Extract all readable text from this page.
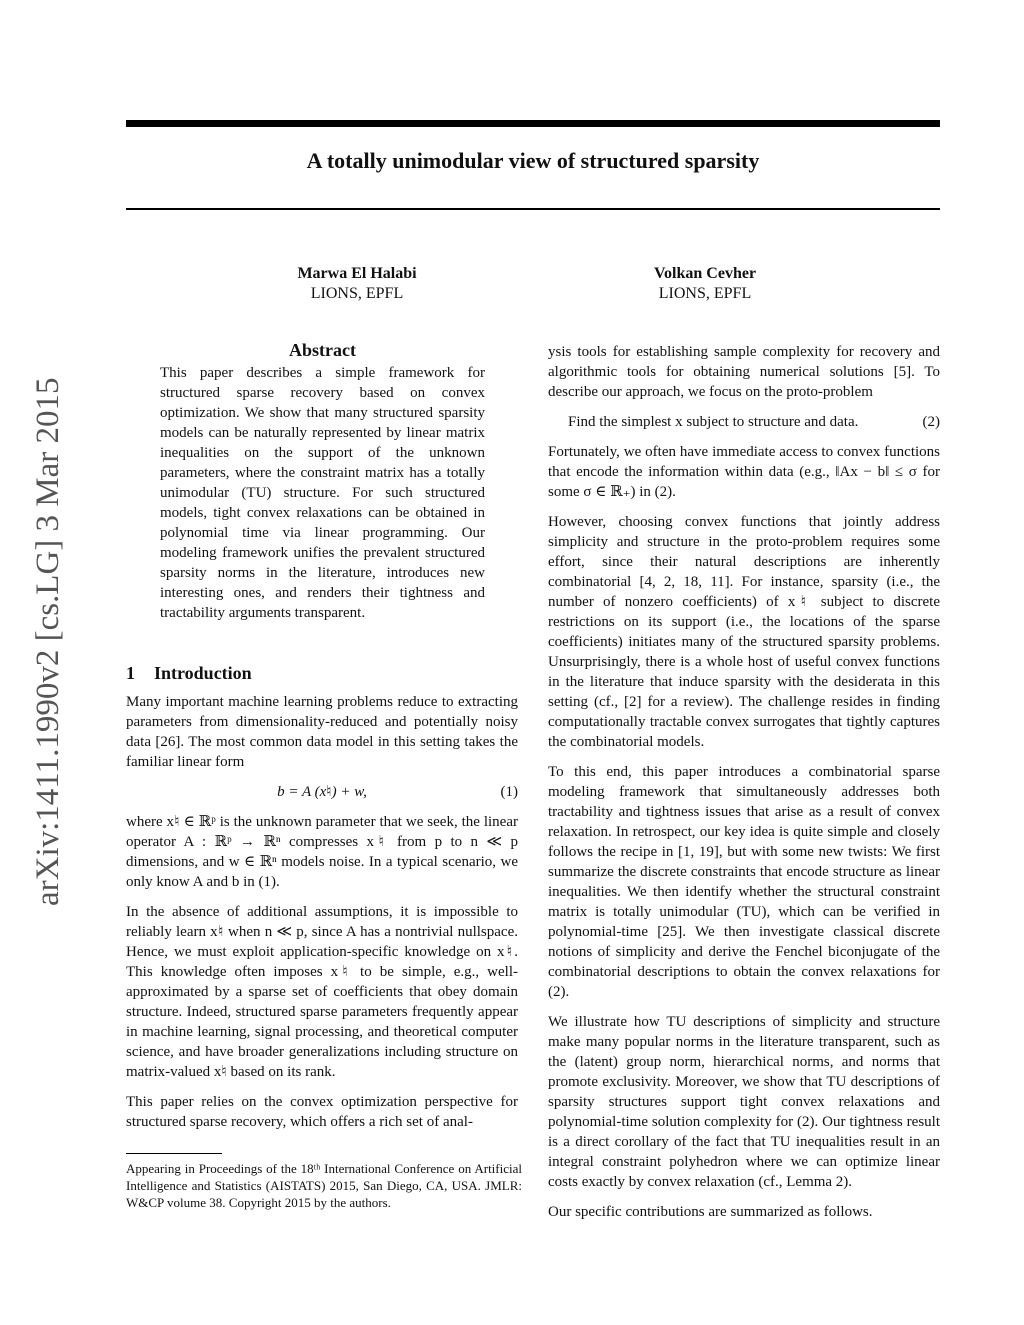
arXiv:1411.1990v2 [cs.LG] 3 Mar 2015
A totally unimodular view of structured sparsity
Marwa El Halabi
LIONS, EPFL
Volkan Cevher
LIONS, EPFL
Abstract
This paper describes a simple framework for structured sparse recovery based on convex optimization. We show that many structured sparsity models can be naturally represented by linear matrix inequalities on the support of the unknown parameters, where the constraint matrix has a totally unimodular (TU) structure. For such structured models, tight convex relaxations can be obtained in polynomial time via linear programming. Our modeling framework unifies the prevalent structured sparsity norms in the literature, introduces new interesting ones, and renders their tightness and tractability arguments transparent.
1 Introduction

Many important machine learning problems reduce to extracting parameters from dimensionality-reduced and potentially noisy data [26]. The most common data model in this setting takes the familiar linear form

b = A (x♮) + w,	(1)

where x♮ ∈ ℝᵖ is the unknown parameter that we seek, the linear operator A : ℝᵖ → ℝⁿ compresses x♮ from p to n ≪ p dimensions, and w ∈ ℝⁿ models noise. In a typical scenario, we only know A and b in (1).

In the absence of additional assumptions, it is impossible to reliably learn x♮ when n ≪ p, since A has a nontrivial nullspace. Hence, we must exploit application-specific knowledge on x♮. This knowledge often imposes x♮ to be simple, e.g., well-approximated by a sparse set of coefficients that obey domain structure. Indeed, structured sparse parameters frequently appear in machine learning, signal processing, and theoretical computer science, and have broader generalizations including structure on matrix-valued x♮ based on its rank.

This paper relies on the convex optimization perspective for structured sparse recovery, which offers a rich set of anal-

Appearing in Proceedings of the 18ᵗʰ International Conference on Artificial Intelligence and Statistics (AISTATS) 2015, San Diego, CA, USA. JMLR: W&CP volume 38. Copyright 2015 by the authors.

ysis tools for establishing sample complexity for recovery and algorithmic tools for obtaining numerical solutions [5]. To describe our approach, we focus on the proto-problem

Find the simplest x subject to structure and data.	(2)

Fortunately, we often have immediate access to convex functions that encode the information within data (e.g., ‖Ax − b‖ ≤ σ for some σ ∈ ℝ₊) in (2).

However, choosing convex functions that jointly address simplicity and structure in the proto-problem requires some effort, since their natural descriptions are inherently combinatorial [4, 2, 18, 11]. For instance, sparsity (i.e., the number of nonzero coefficients) of x♮ subject to discrete restrictions on its support (i.e., the locations of the sparse coefficients) initiates many of the structured sparsity problems. Unsurprisingly, there is a whole host of useful convex functions in the literature that induce sparsity with the desiderata in this setting (cf., [2] for a review). The challenge resides in finding computationally tractable convex surrogates that tightly captures the combinatorial models.

To this end, this paper introduces a combinatorial sparse modeling framework that simultaneously addresses both tractability and tightness issues that arise as a result of convex relaxation. In retrospect, our key idea is quite simple and closely follows the recipe in [1, 19], but with some new twists: We first summarize the discrete constraints that encode structure as linear inequalities. We then identify whether the structural constraint matrix is totally unimodular (TU), which can be verified in polynomial-time [25]. We then investigate classical discrete notions of simplicity and derive the Fenchel biconjugate of the combinatorial descriptions to obtain the convex relaxations for (2).

We illustrate how TU descriptions of simplicity and structure make many popular norms in the literature transparent, such as the (latent) group norm, hierarchical norms, and norms that promote exclusivity. Moreover, we show that TU descriptions of sparsity structures support tight convex relaxations and polynomial-time solution complexity for (2). Our tightness result is a direct corollary of the fact that TU inequalities result in an integral constraint polyhedron where we can optimize linear costs exactly by convex relaxation (cf., Lemma 2).

Our specific contributions are summarized as follows.
